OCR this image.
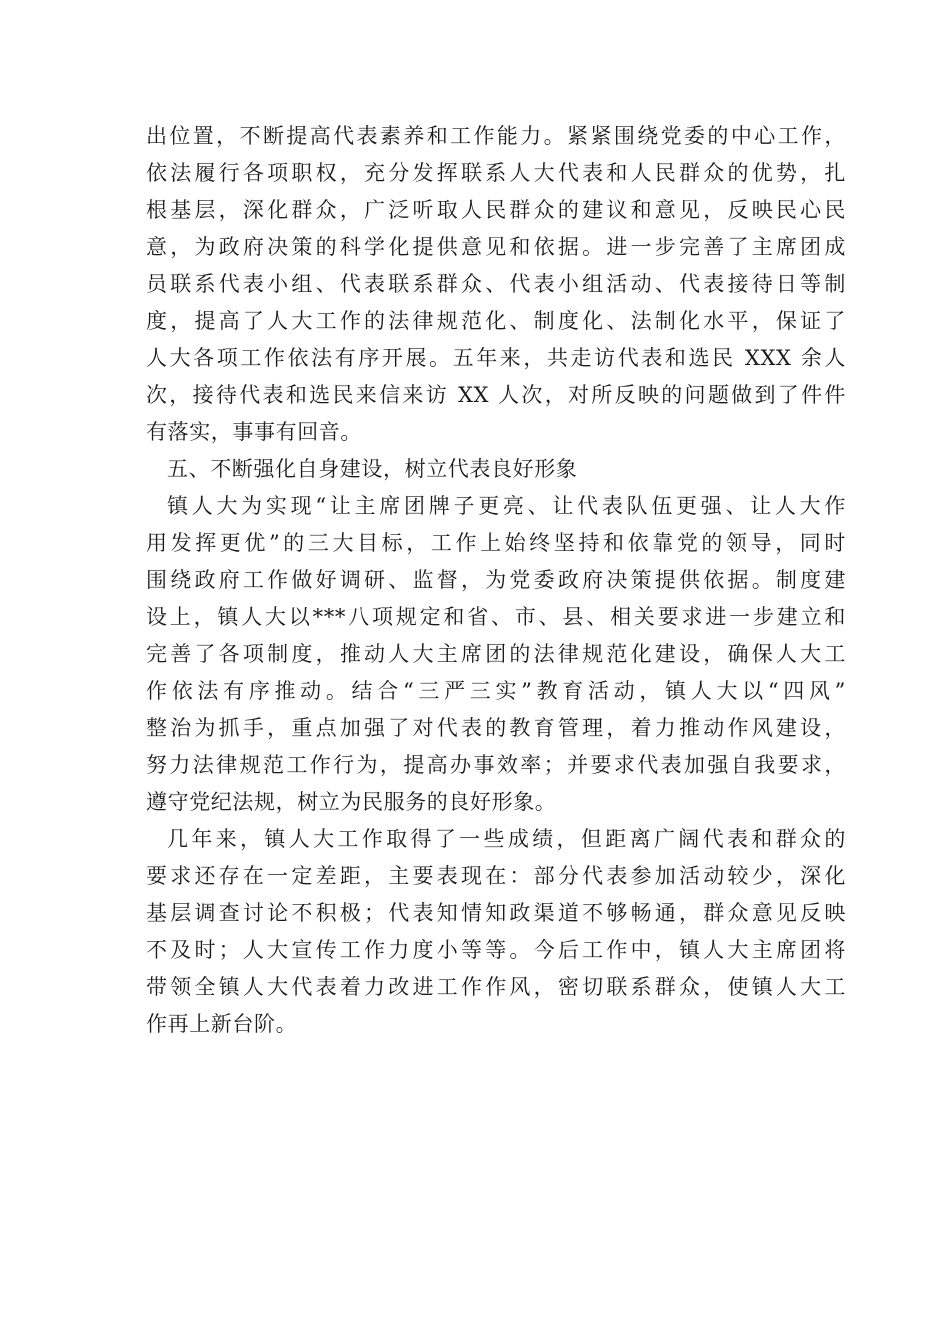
出位置，不断提高代表素养和工作能力。紧紧围绕党委的中心工作，
依法履行各项职权，充分发挥联系人大代表和人民群众的优势，扎
根基层，深化群众，广泛听取人民群众的建议和意见，反映民心民
意，为政府决策的科学化提供意见和依据。进一步完善了主席团成
员联系代表小组、代表联系群众、代表小组活动、代表接待日等制
度，提高了人大工作的法律规范化、制度化、法制化水平，保证了
人大各项工作依法有序开展。五年来，共走访代表和选民 XXX 余人
次，接待代表和选民来信来访 XX 人次，对所反映的问题做到了件件
有落实，事事有回音。
五、不断强化自身建设，树立代表良好形象
镇人大为实现“让主席团牌子更亮、让代表队伍更强、让人大作
用发挥更优”的三大目标，工作上始终坚持和依靠党的领导，同时
围绕政府工作做好调研、监督，为党委政府决策提供依据。制度建
设上，镇人大以***八项规定和省、市、县、相关要求进一步建立和
完善了各项制度，推动人大主席团的法律规范化建设，确保人大工
作依法有序推动。结合“三严三实”教育活动，镇人大以“四风”
整治为抓手，重点加强了对代表的教育管理，着力推动作风建设，
努力法律规范工作行为，提高办事效率；并要求代表加强自我要求，
遵守党纪法规，树立为民服务的良好形象。
几年来，镇人大工作取得了一些成绩，但距离广阔代表和群众的
要求还存在一定差距，主要表现在：部分代表参加活动较少，深化
基层调查讨论不积极；代表知情知政渠道不够畅通，群众意见反映
不及时；人大宣传工作力度小等等。今后工作中，镇人大主席团将
带领全镇人大代表着力改进工作作风，密切联系群众，使镇人大工
作再上新台阶。
